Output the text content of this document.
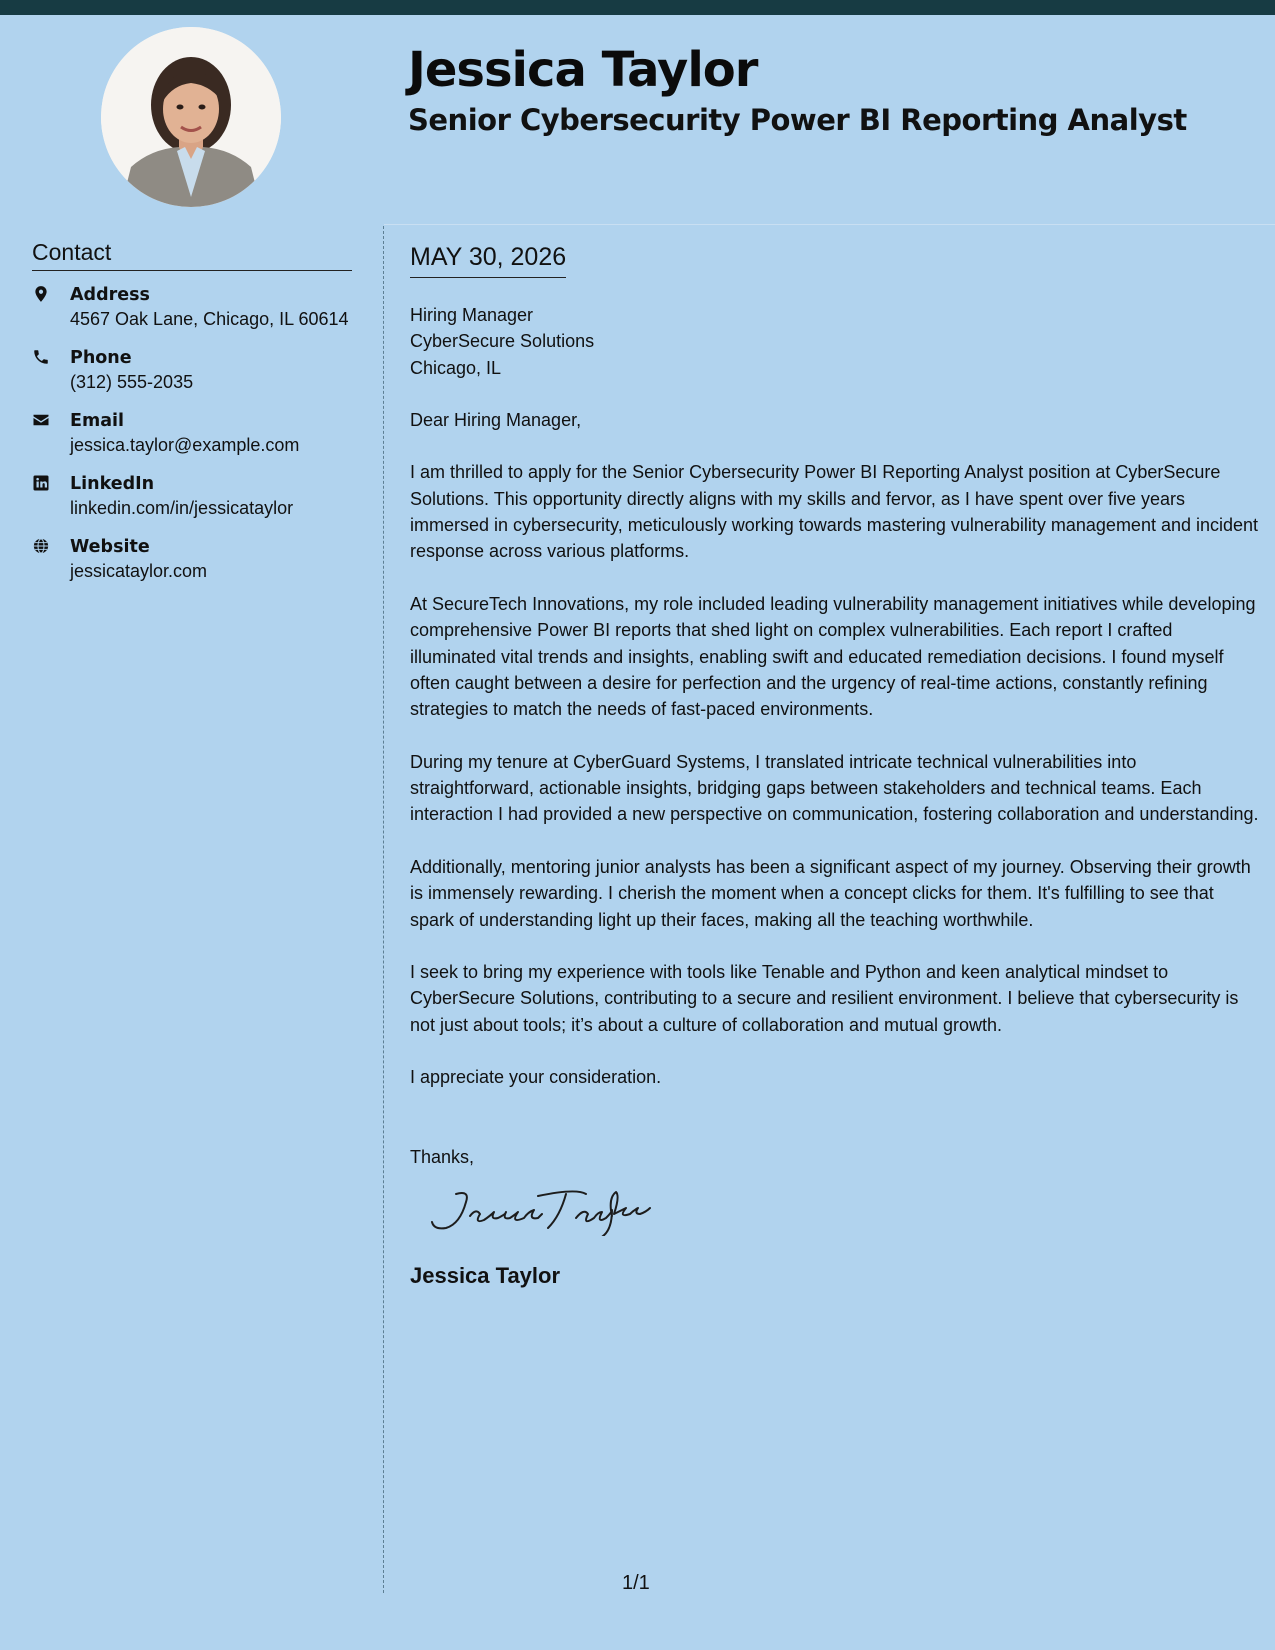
Jessica Taylor
Senior Cybersecurity Power BI Reporting Analyst
Contact
Address
4567 Oak Lane, Chicago, IL 60614
Phone
(312) 555-2035
Email
jessica.taylor@example.com
LinkedIn
linkedin.com/in/jessicataylor
Website
jessicataylor.com
MAY 30, 2026
Hiring Manager
CyberSecure Solutions
Chicago, IL

Dear Hiring Manager,

I am thrilled to apply for the Senior Cybersecurity Power BI Reporting Analyst position at CyberSecure Solutions. This opportunity directly aligns with my skills and fervor, as I have spent over five years immersed in cybersecurity, meticulously working towards mastering vulnerability management and incident response across various platforms.

At SecureTech Innovations, my role included leading vulnerability management initiatives while developing comprehensive Power BI reports that shed light on complex vulnerabilities. Each report I crafted illuminated vital trends and insights, enabling swift and educated remediation decisions. I found myself often caught between a desire for perfection and the urgency of real-time actions, constantly refining strategies to match the needs of fast-paced environments.

During my tenure at CyberGuard Systems, I translated intricate technical vulnerabilities into straightforward, actionable insights, bridging gaps between stakeholders and technical teams. Each interaction I had provided a new perspective on communication, fostering collaboration and understanding.

Additionally, mentoring junior analysts has been a significant aspect of my journey. Observing their growth is immensely rewarding. I cherish the moment when a concept clicks for them. It's fulfilling to see that spark of understanding light up their faces, making all the teaching worthwhile.

I seek to bring my experience with tools like Tenable and Python and keen analytical mindset to CyberSecure Solutions, contributing to a secure and resilient environment. I believe that cybersecurity is not just about tools; it’s about a culture of collaboration and mutual growth.

I appreciate your consideration.

Thanks,
Jessica Taylor
1/1
